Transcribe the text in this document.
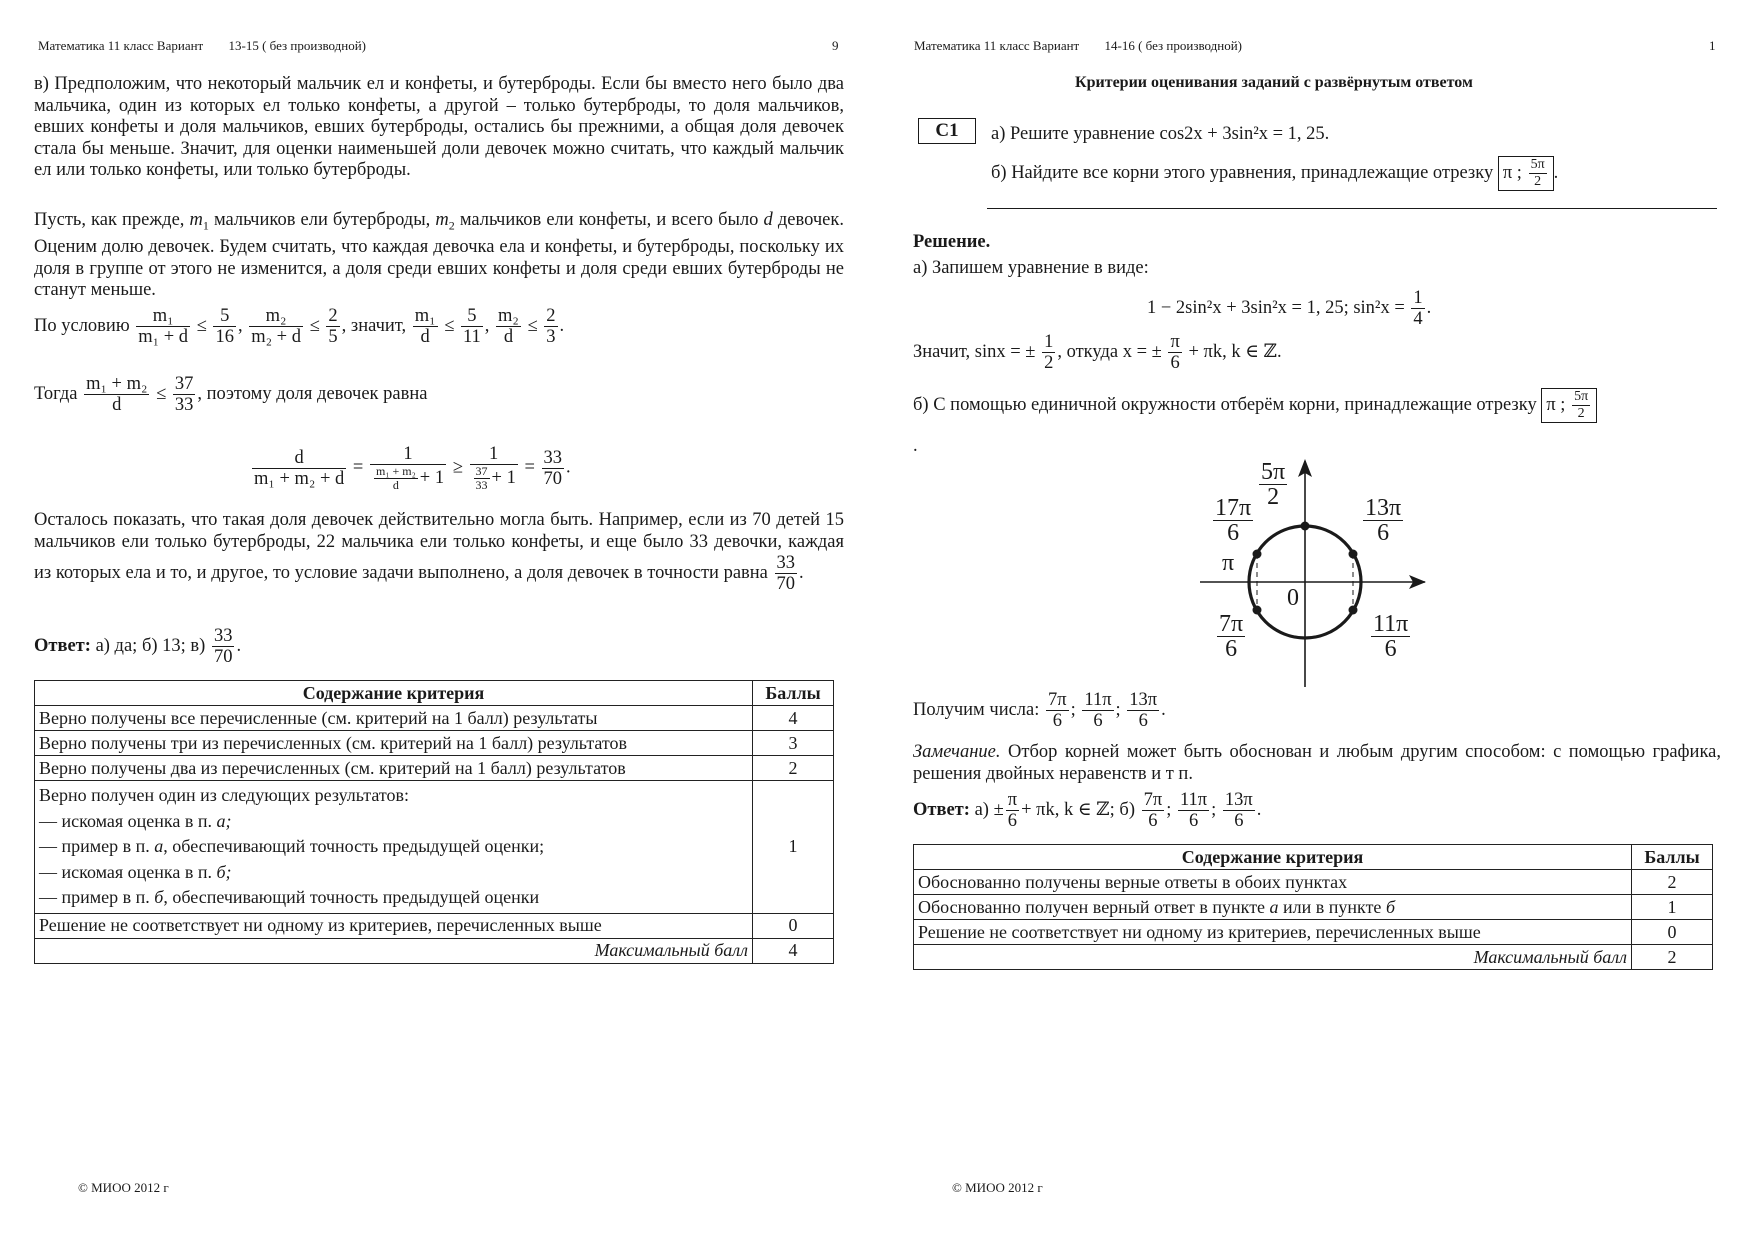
Математика 11 класс Вариант 13-15 ( без производной)	9
в) Предположим, что некоторый мальчик ел и конфеты, и бутерброды. Если бы вместо него было два мальчика, один из которых ел только конфеты, а другой – только бутерброды, то доля мальчиков, евших конфеты и доля мальчиков, евших бутерброды, остались бы прежними, а общая доля девочек стала бы меньше. Значит, для оценки наименьшей доли девочек можно считать, что каждый мальчик ел или только конфеты, или только бутерброды.
Пусть, как прежде, $m_1$ мальчиков ели бутерброды, $m_2$ мальчиков ели конфеты, и всего было d девочек. Оценим долю девочек. Будем считать, что каждая девочка ела и конфеты, и бутерброды, поскольку их доля в группе от этого не изменится, а доля среди евших конфеты и доля среди евших бутерброды не станут меньше.
По условию $\frac{\text{m₁}}{\text{m₁ + d}} \le \frac{5}{16}$ , $\frac{\text{m₂}}{\text{m₂ + d}} \le \frac{2}{5}$ , значит, $\frac{\text{m₁}}{d} \le \frac{5}{11}$ , $\frac{\text{m₂}}{d} \le \frac{2}{3}$ .
Тогда $\frac{\text{m₁ + m₂}}{d} \le \frac{37}{33}$ , поэтому доля девочек равна
$\frac{d}{\text{m₁ + m₂ + d}} = \frac{1}{\frac{\text{m₁ + m₂}}{d} + 1} \ge \frac{1}{\frac{37}{33} + 1} = \frac{33}{70}$ .
Осталось показать, что такая доля девочек действительно могла быть. Например, если из 70 детей 15 мальчиков ели только бутерброды, 22 мальчика ели только конфеты, и еще было 33 девочки, каждая из которых ела и то, и другое, то условие задачи выполнено, а доля девочек в точности равна $\frac{33}{70}$ .
Ответ: а) да; б) 13; $в) \frac{33}{70}$ .
Содержание критерия	Баллы
Верно получены все перечисленные (см. критерий на 1 балл) результаты	4
Верно получены три из перечисленных (см. критерий на 1 балл) результатов	3
Верно получены два из перечисленных (см. критерий на 1 балл) результатов	2

Верно получен один из следующих результатов:
— искомая оценка в п. а;
— пример в п. а, обеспечивающий точность предыдущей оценки;
— искомая оценка в п. б;
— пример в п. б, обеспечивающий точность предыдущей оценки	1
Решение не соответствует ни одному из критериев, перечисленных выше	0
Максимальный балл	4
© МИОО 2012 г
Математика 11 класс Вариант 14-16 ( без производной)	1
Критерии оценивания заданий с развёрнутым ответом
C1	а) Решите уравнение cos2x + 3sin²x = 1, 25.
б) Найдите все корни этого уравнения, принадлежащие отрезку π ; $\frac{5\pi}{2}$ .
Решение.
а) Запишем уравнение в виде:
1 − 2sin²x + 3sin²x = 1, 25; $\sin^2x = \frac{1}{4}$ .
Значит, sinx = ± $\frac{1}{2}$ , откуда x = ± $\frac{\pi}{6} + \pi k$, k ∈ ℤ.
б) С помощью единичной окружности отберём корни, принадлежащие отрезку π ; $\frac{5\pi}{2}$
.
$\frac{5\pi}{2}$
$\frac{17\pi}{6}$	$\frac{13\pi}{6}$
π
0
$\frac{7\pi}{6}$	$\frac{11\pi}{6}$
Получим числа: $\frac{7\pi}{6}$ ; $\frac{11\pi}{6}$ ; $\frac{13\pi}{6}$ .
Замечание. Отбор корней может быть обоснован и любым другим способом: с помощью графика, решения двойных неравенств и т п.
Ответ: $а) \pm \frac{\pi}{6} + \pi k$, k ∈ ℤ; $б) \frac{7\pi}{6}$ ; $\frac{11\pi}{6}$ ; $\frac{13\pi}{6}$ .
Содержание критерия	Баллы
Обоснованно получены верные ответы в обоих пунктах	2
Обоснованно получен верный ответ в пункте а или в пункте б	1
Решение не соответствует ни одному из критериев, перечисленных выше	0
Максимальный балл	2
© МИОО 2012 г
